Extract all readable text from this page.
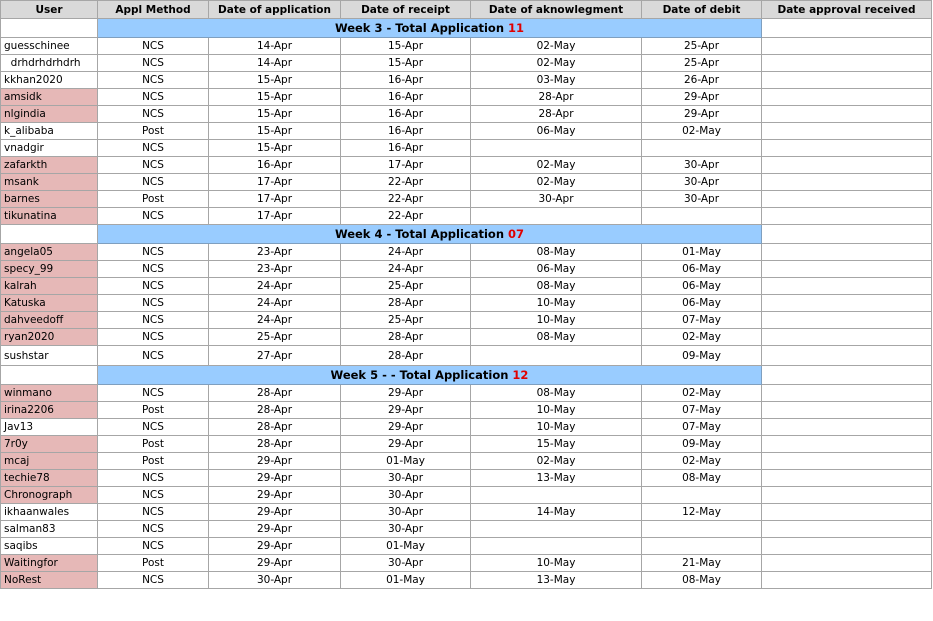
User	Appl Method	Date of application	Date of receipt	Date of aknowlegment	Date of debit	Date approval received
	Week 3 - Total Application 11					
guesschinee	NCS	14-Apr	15-Apr	02-May	25-Apr	
drhdrhdrhdrh	NCS	14-Apr	15-Apr	02-May	25-Apr	
kkhan2020	NCS	15-Apr	16-Apr	03-May	26-Apr	
amsidk	NCS	15-Apr	16-Apr	28-Apr	29-Apr	
nlgindia	NCS	15-Apr	16-Apr	28-Apr	29-Apr	
k_alibaba	Post	15-Apr	16-Apr	06-May	02-May	
vnadgir	NCS	15-Apr	16-Apr			
zafarkth	NCS	16-Apr	17-Apr	02-May	30-Apr	
msank	NCS	17-Apr	22-Apr	02-May	30-Apr	
barnes	Post	17-Apr	22-Apr	30-Apr	30-Apr	
tikunatina	NCS	17-Apr	22-Apr			
	Week 4 - Total Application 07					
angela05	NCS	23-Apr	24-Apr	08-May	01-May	
specy_99	NCS	23-Apr	24-Apr	06-May	06-May	
kalrah	NCS	24-Apr	25-Apr	08-May	06-May	
Katuska	NCS	24-Apr	28-Apr	10-May	06-May	
dahveedoff	NCS	24-Apr	25-Apr	10-May	07-May	
ryan2020	NCS	25-Apr	28-Apr	08-May	02-May	
sushstar	NCS	27-Apr	28-Apr		09-May	
	Week 5 - - Total Application 12					
winmano	NCS	28-Apr	29-Apr	08-May	02-May	
irina2206	Post	28-Apr	29-Apr	10-May	07-May	
Jav13	NCS	28-Apr	29-Apr	10-May	07-May	
7r0y	Post	28-Apr	29-Apr	15-May	09-May	
mcaj	Post	29-Apr	01-May	02-May	02-May	
techie78	NCS	29-Apr	30-Apr	13-May	08-May	
Chronograph	NCS	29-Apr	30-Apr			
ikhaanwales	NCS	29-Apr	30-Apr	14-May	12-May	
salman83	NCS	29-Apr	30-Apr			
saqibs	NCS	29-Apr	01-May			
Waitingfor	Post	29-Apr	30-Apr	10-May	21-May	
NoRest	NCS	30-Apr	01-May	13-May	08-May	
